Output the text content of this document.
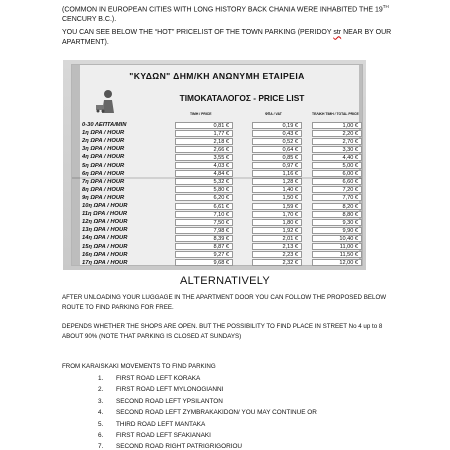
(COMMON IN EUROPEAN CITIES WITH LONG HISTORY BACK CHANIA WERE INHABITED THE 19TH CENCURY B.C.).

YOU CAN SEE BELOW THE “HOT” PRICELIST OF THE TOWN PARKING (PERIDOY str NEAR BY OUR APARTMENT).

"ΚΥΔΩΝ" ΔΗΜ/ΚΗ ΑΝΩΝΥΜΗ ΕΤΑΙΡΕΙΑ
ΤΙΜΟΚΑΤΑΛΟΓΟΣ - PRICE LIST
TIMH / PRICE	ΦΠΑ / VAT	ΤΕΛΙΚΗ ΤΙΜΗ / TOTAL PRICE
0-30 ΛΕΠΤΑ/MIN	0,81 €	0,19 €	1,00 €
1η ΩΡΑ / HOUR	1,77 €	0,43 €	2,20 €
2η ΩΡΑ / HOUR	2,18 €	0,52 €	2,70 €
3η ΩΡΑ / HOUR	2,66 €	0,64 €	3,30 €
4η ΩΡΑ / HOUR	3,55 €	0,85 €	4,40 €
5η ΩΡΑ / HOUR	4,03 €	0,97 €	5,00 €
6η ΩΡΑ / HOUR	4,84 €	1,16 €	6,00 €
7η ΩΡΑ / HOUR	5,32 €	1,28 €	6,60 €
8η ΩΡΑ / HOUR	5,80 €	1,40 €	7,20 €
9η ΩΡΑ / HOUR	6,20 €	1,50 €	7,70 €
10η ΩΡΑ / HOUR	6,61 €	1,59 €	8,20 €
11η ΩΡΑ / HOUR	7,10 €	1,70 €	8,80 €
12η ΩΡΑ / HOUR	7,50 €	1,80 €	9,30 €
13η ΩΡΑ / HOUR	7,98 €	1,92 €	9,90 €
14η ΩΡΑ / HOUR	8,39 €	2,01 €	10,40 €
15η ΩΡΑ / HOUR	8,87 €	2,13 €	11,00 €
16η ΩΡΑ / HOUR	9,27 €	2,23 €	11,50 €
17η ΩΡΑ / HOUR	9,68 €	2,32 €	12,00 €
ALTERNATIVELY
AFTER UNLOADING YOUR LUGGAGE IN THE APARTMENT DOOR YOU CAN FOLLOW THE PROPOSED BELOW ROUTE TO FIND PARKING FOR FREE.
DEPENDS WHETHER THE SHOPS ARE OPEN. BUT THE POSSIBILITY TO FIND PLACE IN STREET No 4 up to 8 ABOUT 90% (NOTE THAT PARKING IS CLOSED AT SUNDAYS)
FROM KARAISKAKI MOVEMENTS TO FIND PARKING
1.	FIRST ROAD LEFT KORAKA
2.	FIRST ROAD LEFT MYLONOGIANNI
3.	SECOND ROAD LEFT YPSILANTON
4.	SECOND ROAD LEFT ZYMBRAKAKIDON/ YOU MAY CONTINUE OR
5.	THIRD ROAD LEFT MANTAKA
6.	FIRST ROAD LEFT SFAKIANAKI
7.	SECOND ROAD RIGHT PATRIGRIGORIOU
